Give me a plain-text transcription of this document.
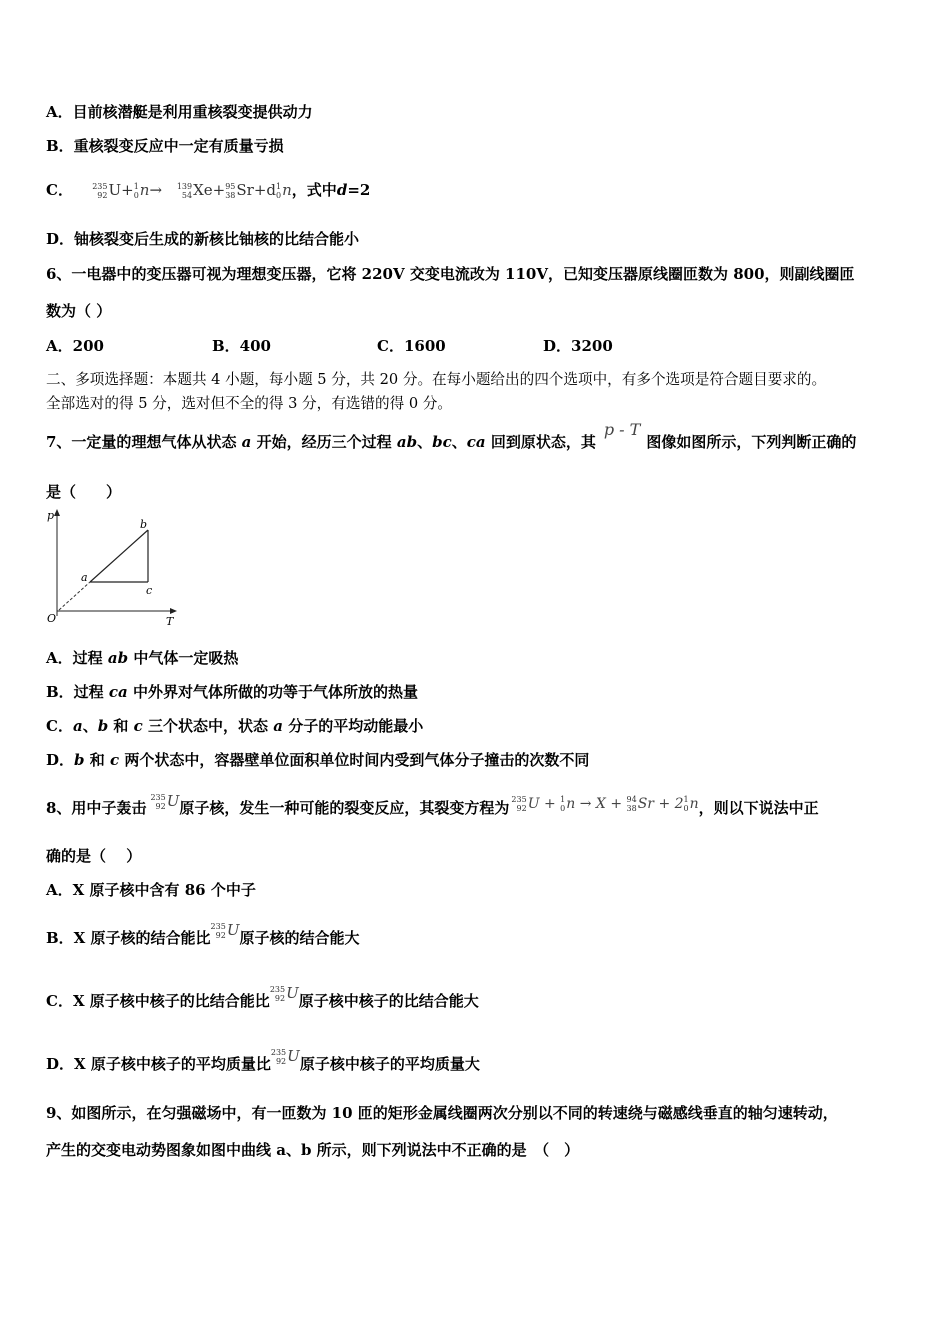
A．目前核潜艇是利用重核裂变提供动力
B．重核裂变反应中一定有质量亏损
C． 235
92 U+ 1
0 n→ 139
54 Xe+ 95
38 Sr+d 1
0 n，式中d=2
D．铀核裂变后生成的新核比铀核的比结合能小
6、一电器中的变压器可视为理想变压器，它将 220V 交变电流改为 110V，已知变压器原线圈匝数为 800，则副线圈匝
数为（ ）
A．200	B．400	C．1600	D．3200
二、多项选择题：本题共 4 小题，每小题 5 分，共 20 分。在每小题给出的四个选项中，有多个选项是符合题目要求的。
全部选对的得 5 分，选对但不全的得 3 分，有选错的得 0 分。
7、一定量的理想气体从状态 a 开始，经历三个过程 ab、bc、ca 回到原状态，其p - T图像如图所示，下列判断正确的
是（　　）
p
T
O
a
b
c
A．过程 ab 中气体一定吸热
B．过程 ca 中外界对气体所做的功等于气体所放的热量
C．a、b 和 c 三个状态中，状态 a 分子的平均动能最小
D．b 和 c 两个状态中，容器壁单位面积单位时间内受到气体分子撞击的次数不同
8、用中子轰击
235
92 U原子核，发生一种可能的裂变反应，其裂变方程为 235
92 U + 1
0 n → X + 94
38 Sr + 2 1
0 n，则以下说法中正
确的是（　 ）
A．X 原子核中含有 86 个中子
B．X 原子核的结合能比
235
92 U原子核的结合能大
C．X 原子核中核子的比结合能比
235
92 U原子核中核子的比结合能大
D．X 原子核中核子的平均质量比
235
92 U原子核中核子的平均质量大
9、如图所示，在匀强磁场中，有一匝数为 10 匝的矩形金属线圈两次分别以不同的转速绕与磁感线垂直的轴匀速转动，
产生的交变电动势图象如图中曲线 a、b 所示，则下列说法中不正确的是　（　）
